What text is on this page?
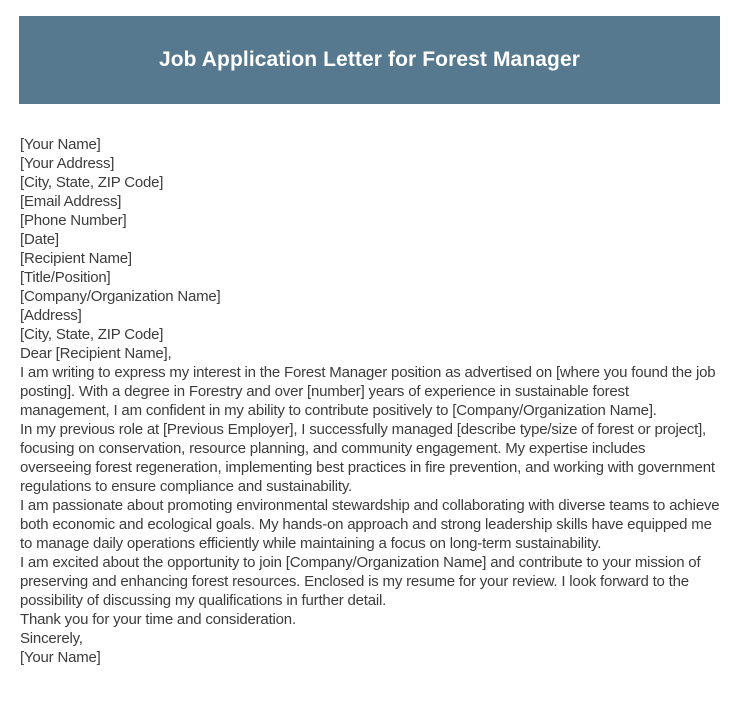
Job Application Letter for Forest Manager
[Your Name]
[Your Address]
[City, State, ZIP Code]
[Email Address]
[Phone Number]
[Date]
[Recipient Name]
[Title/Position]
[Company/Organization Name]
[Address]
[City, State, ZIP Code]
Dear [Recipient Name],

I am writing to express my interest in the Forest Manager position as advertised on [where you found the job posting]. With a degree in Forestry and over [number] years of experience in sustainable forest management, I am confident in my ability to contribute positively to [Company/Organization Name].

In my previous role at [Previous Employer], I successfully managed [describe type/size of forest or project], focusing on conservation, resource planning, and community engagement. My expertise includes overseeing forest regeneration, implementing best practices in fire prevention, and working with government regulations to ensure compliance and sustainability.

I am passionate about promoting environmental stewardship and collaborating with diverse teams to achieve both economic and ecological goals. My hands-on approach and strong leadership skills have equipped me to manage daily operations efficiently while maintaining a focus on long-term sustainability.

I am excited about the opportunity to join [Company/Organization Name] and contribute to your mission of preserving and enhancing forest resources. Enclosed is my resume for your review. I look forward to the possibility of discussing my qualifications in further detail.

Thank you for your time and consideration.
Sincerely,
[Your Name]
